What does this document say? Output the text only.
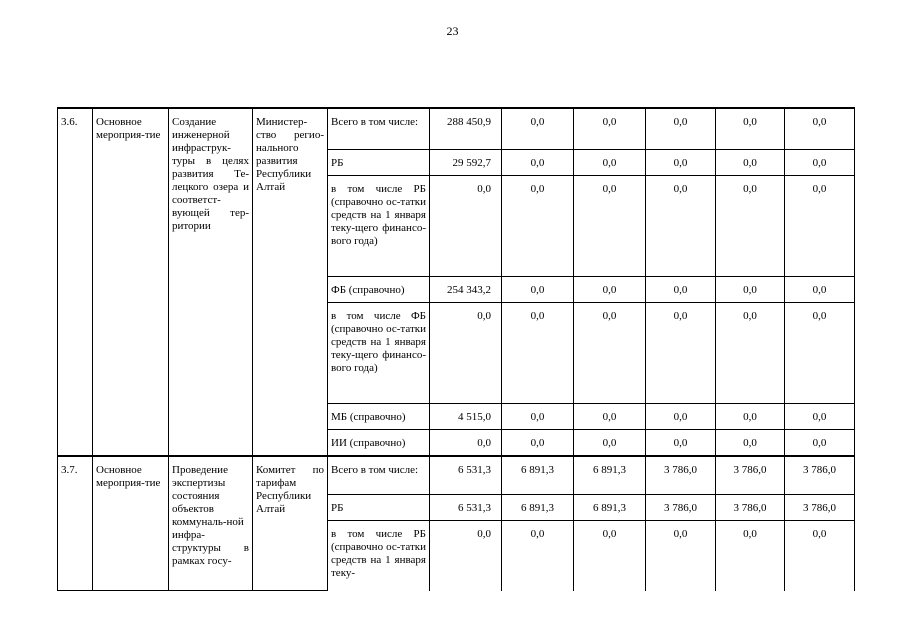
23
3.6.	Основное мероприя-тие	Создание инженерной инфраструк-туры в целях развития Те-лецкого озера и соответст-вующей тер-ритории	Министер-ство регио-нального развития Республики Алтай	Всего в том числе:	288 450,9	0,0	0,0	0,0	0,0	0,0
				РБ	29 592,7	0,0	0,0	0,0	0,0	0,0
				в том числе РБ (справочно ос-татки средств на 1 января теку-щего финансо-вого года)	0,0	0,0	0,0	0,0	0,0	0,0
				ФБ (справочно)	254 343,2	0,0	0,0	0,0	0,0	0,0
				в том числе ФБ (справочно ос-татки средств на 1 января теку-щего финансо-вого года)	0,0	0,0	0,0	0,0	0,0	0,0
				МБ (справочно)	4 515,0	0,0	0,0	0,0	0,0	0,0
				ИИ (справочно)	0,0	0,0	0,0	0,0	0,0	0,0
3.7.	Основное мероприя-тие	Проведение экспертизы состояния объектов коммуналь-ной инфра-структуры в рамках госу-	Комитет по тарифам Республики Алтай	Всего в том числе:	6 531,3	6 891,3	6 891,3	3 786,0	3 786,0	3 786,0
				РБ	6 531,3	6 891,3	6 891,3	3 786,0	3 786,0	3 786,0
				в том числе РБ (справочно ос-татки средств на 1 января теку-	0,0	0,0	0,0	0,0	0,0	0,0
